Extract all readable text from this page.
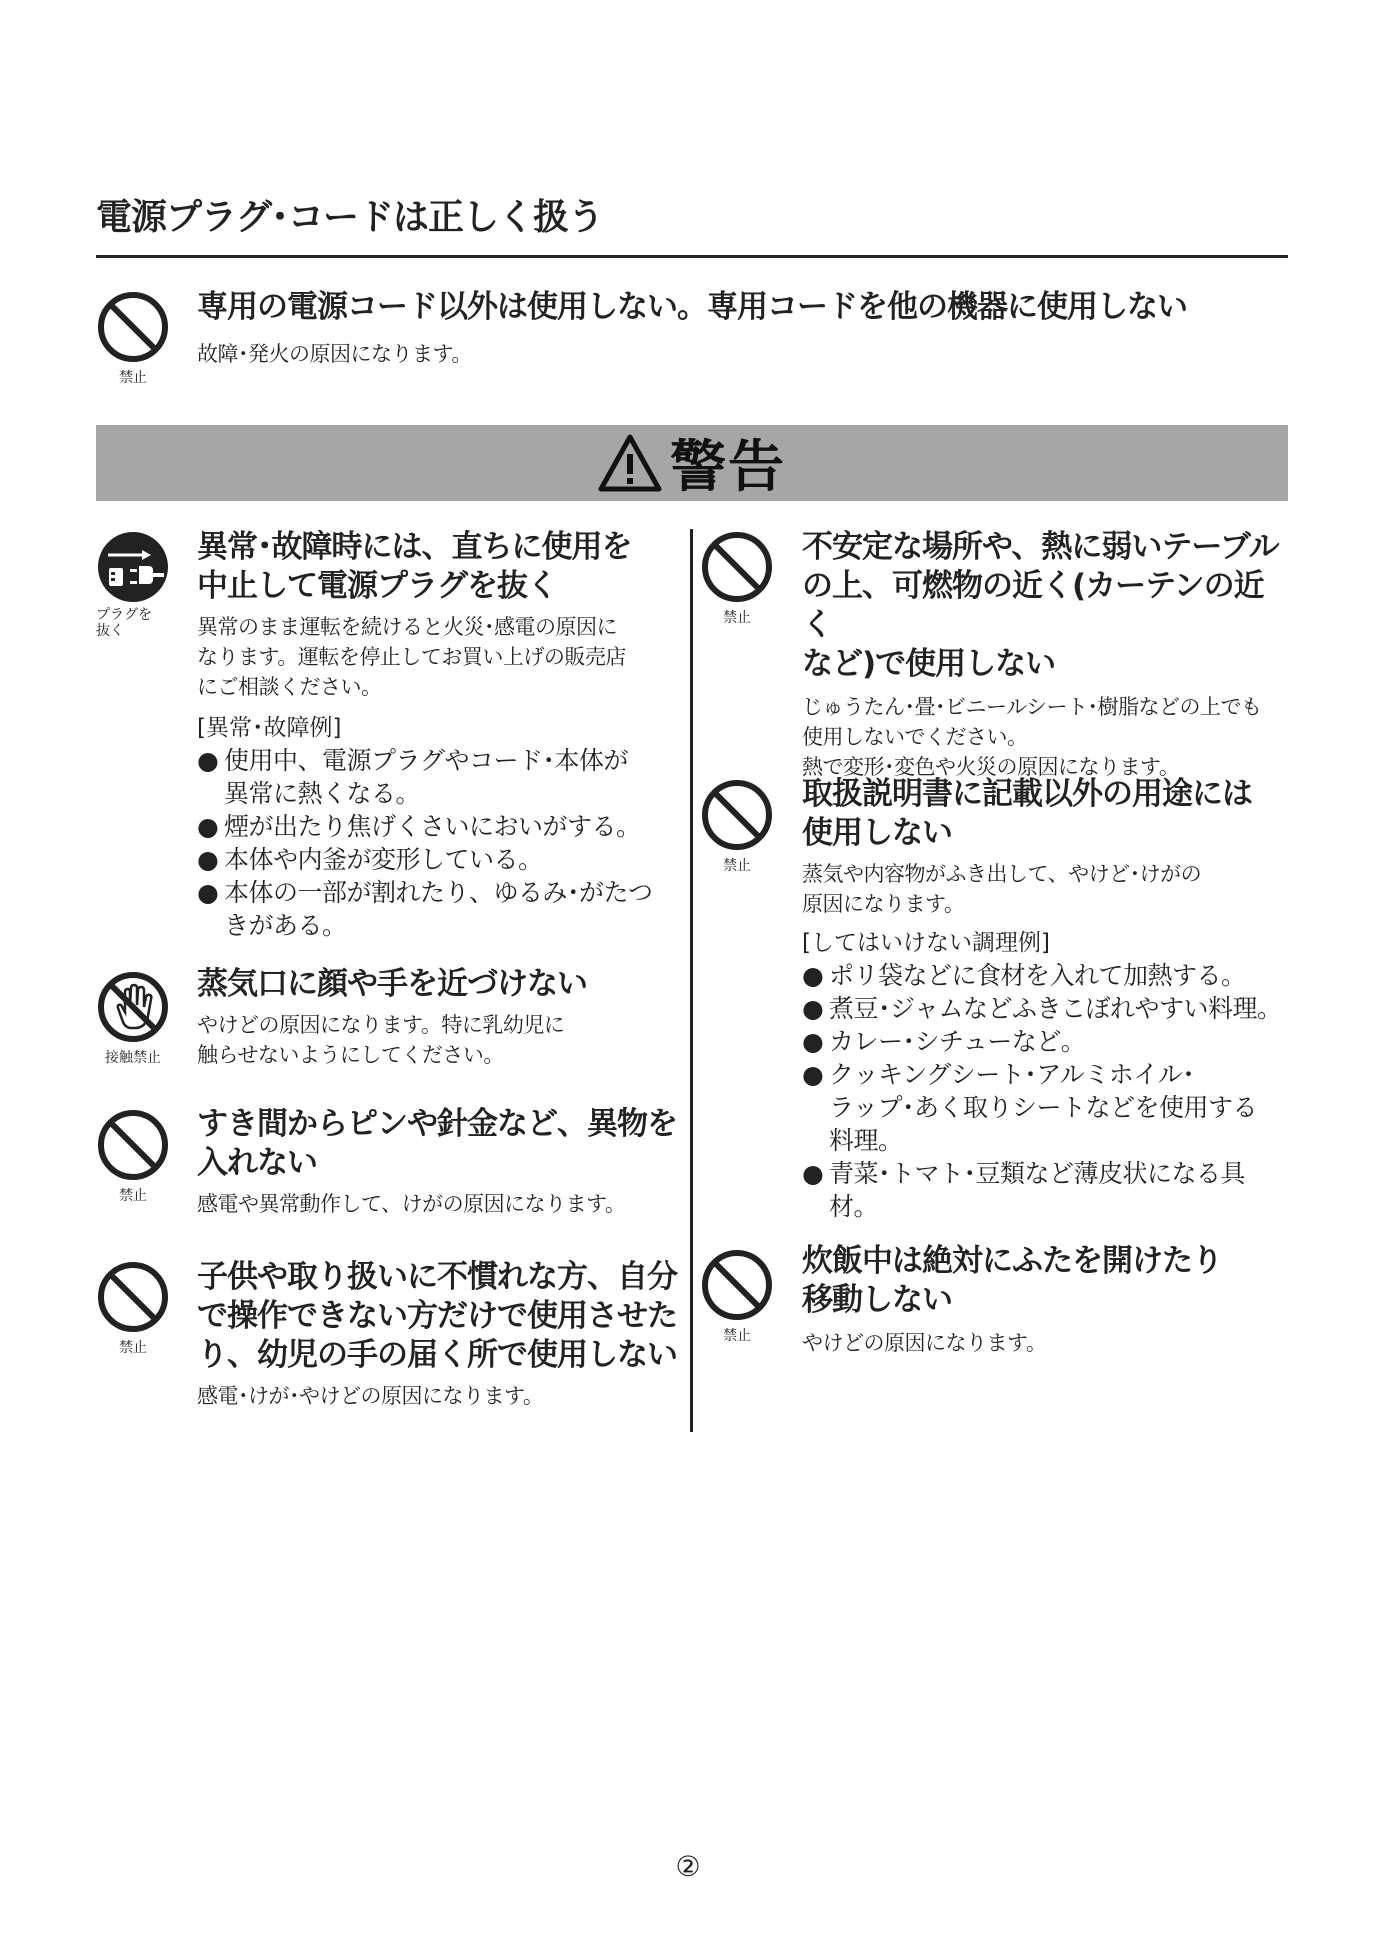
電源プラグ･コードは正しく扱う
禁止
専用の電源コード以外は使用しない。専用コードを他の機器に使用しない
故障･発火の原因になります。
警告
プラグを
抜く
異常･故障時には、直ちに使用を
中止して電源プラグを抜く
異常のまま運転を続けると火災･感電の原因に
なります。運転を停止してお買い上げの販売店
にご相談ください。
[異常･故障例]
● 使用中、電源プラグやコード･本体が
異常に熱くなる。
● 煙が出たり焦げくさいにおいがする。
● 本体や内釜が変形している。
● 本体の一部が割れたり、ゆるみ･がたつ
きがある。
接触禁止
蒸気口に顔や手を近づけない
やけどの原因になります。特に乳幼児に
触らせないようにしてください。
禁止
すき間からピンや針金など、異物を
入れない
感電や異常動作して、けがの原因になります。
禁止
子供や取り扱いに不慣れな方、自分
で操作できない方だけで使用させた
り、幼児の手の届く所で使用しない
感電･けが･やけどの原因になります。
禁止
不安定な場所や、熱に弱いテーブル
の上、可燃物の近く(カーテンの近く
など)で使用しない
じゅうたん･畳･ビニールシート･樹脂などの上でも
使用しないでください。
熱で変形･変色や火災の原因になります。
禁止
取扱説明書に記載以外の用途には
使用しない
蒸気や内容物がふき出して、やけど･けがの
原因になります。
[してはいけない調理例]
● ポリ袋などに食材を入れて加熱する。
● 煮豆･ジャムなどふきこぼれやすい料理。
● カレー･シチューなど。
● クッキングシート･アルミホイル･
ラップ･あく取りシートなどを使用する
料理。
● 青菜･トマト･豆類など薄皮状になる具材。
禁止
炊飯中は絶対にふたを開けたり
移動しない
やけどの原因になります。
②
